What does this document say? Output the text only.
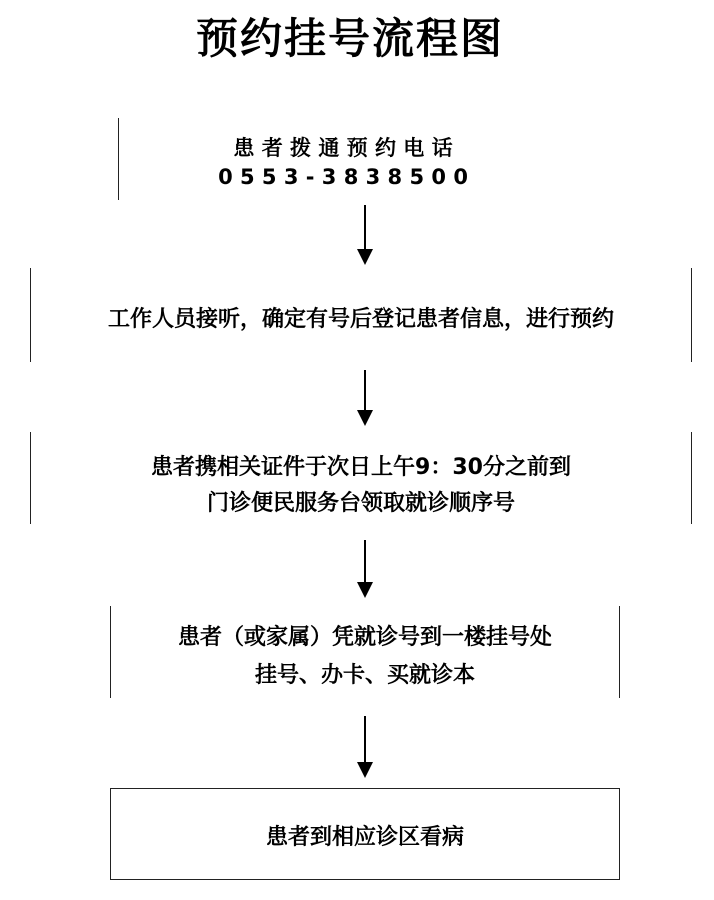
预约挂号流程图
患 者 拨 通 预 约 电 话
0 5 5 3 - 3 8 3 8 5 0 0
工作人员接听，确定有号后登记患者信息，进行预约
患者携相关证件于次日上午9：30分之前到
门诊便民服务台领取就诊顺序号
患者（或家属）凭就诊号到一楼挂号处
挂号、办卡、买就诊本
患者到相应诊区看病
